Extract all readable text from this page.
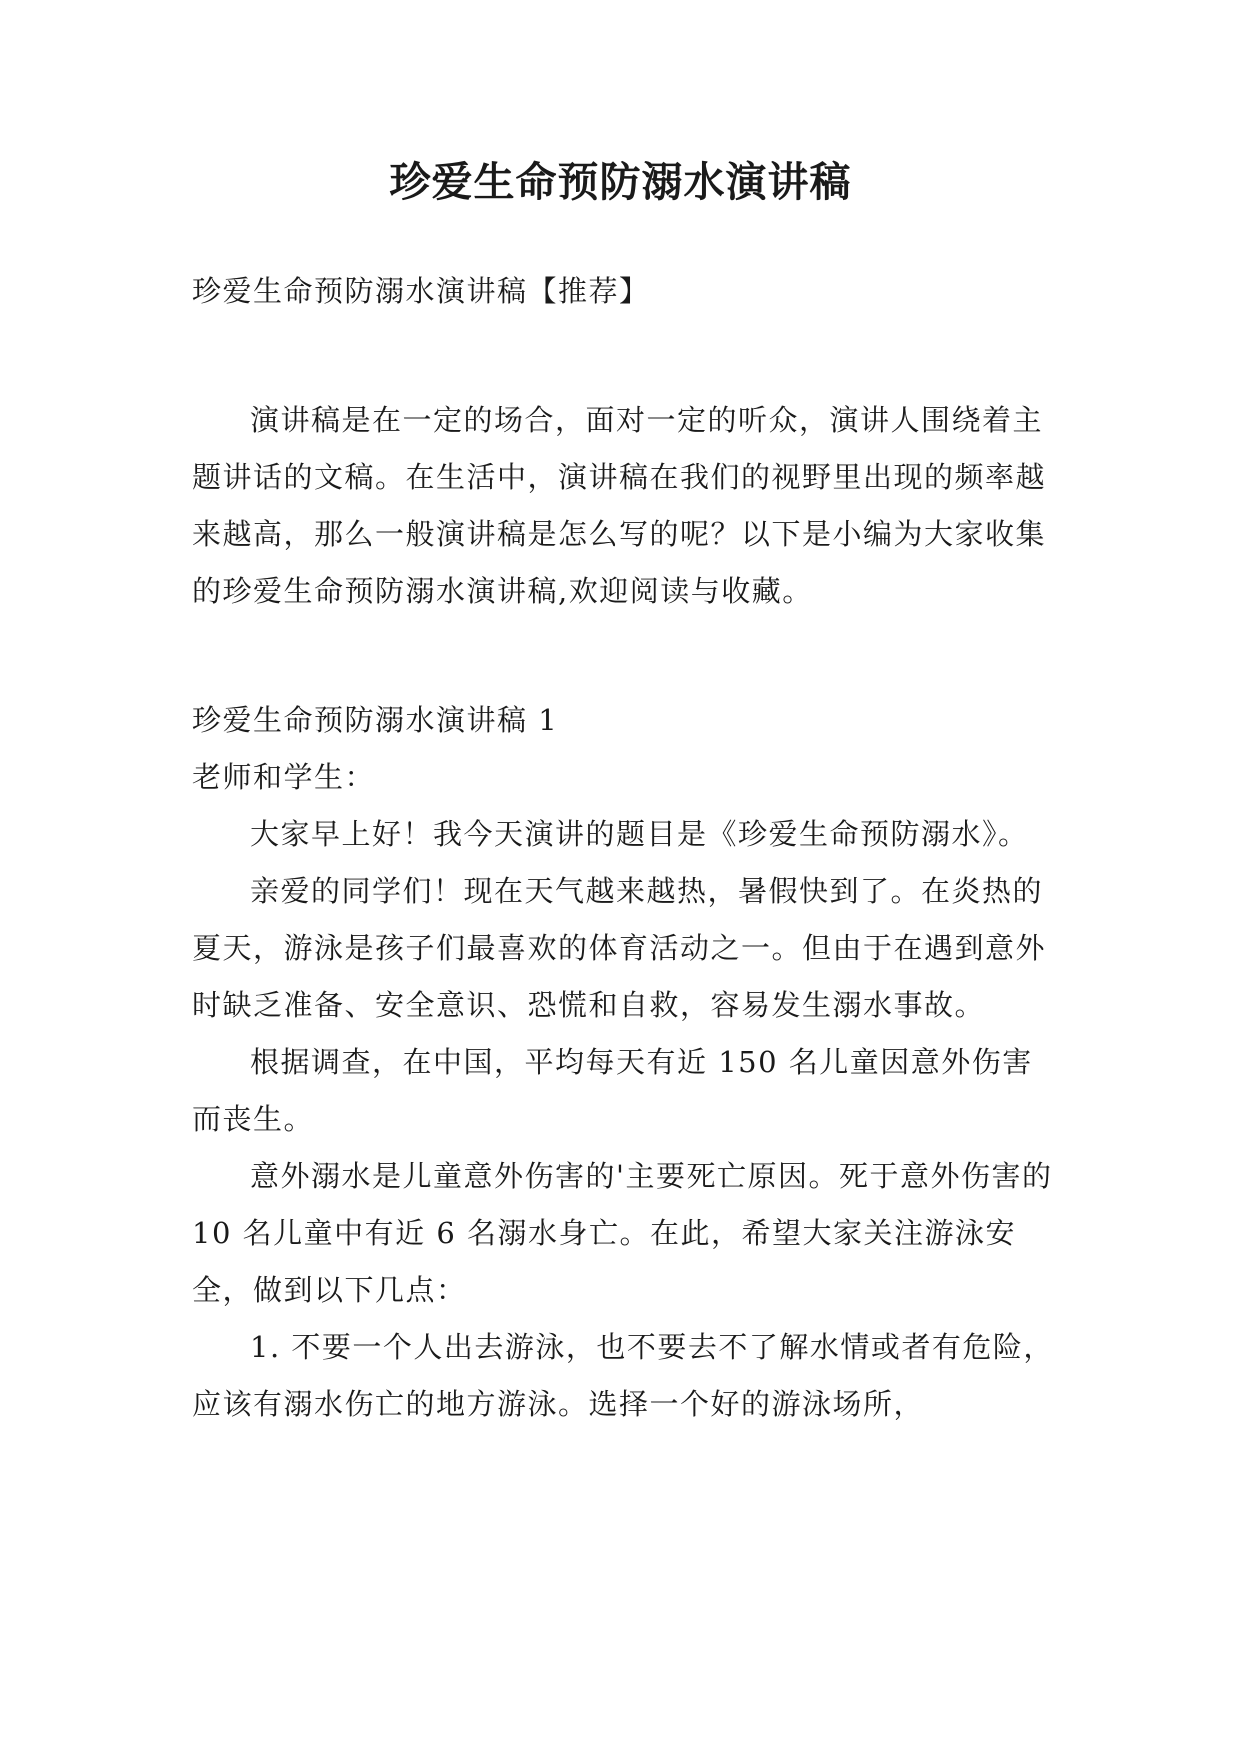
珍爱生命预防溺水演讲稿

珍爱生命预防溺水演讲稿【推荐】

演讲稿是在一定的场合，面对一定的听众，演讲人围绕着主题讲话的文稿。在生活中，演讲稿在我们的视野里出现的频率越来越高，那么一般演讲稿是怎么写的呢？以下是小编为大家收集的珍爱生命预防溺水演讲稿,欢迎阅读与收藏。

珍爱生命预防溺水演讲稿 1

老师和学生：

大家早上好！我今天演讲的题目是《珍爱生命预防溺水》。

亲爱的同学们！现在天气越来越热，暑假快到了。在炎热的夏天，游泳是孩子们最喜欢的体育活动之一。但由于在遇到意外时缺乏准备、安全意识、恐慌和自救，容易发生溺水事故。

根据调查，在中国，平均每天有近 150 名儿童因意外伤害而丧生。

意外溺水是儿童意外伤害的'主要死亡原因。死于意外伤害的 10 名儿童中有近 6 名溺水身亡。在此，希望大家关注游泳安全，做到以下几点：

1. 不要一个人出去游泳，也不要去不了解水情或者有危险，应该有溺水伤亡的地方游泳。选择一个好的游泳场所，
